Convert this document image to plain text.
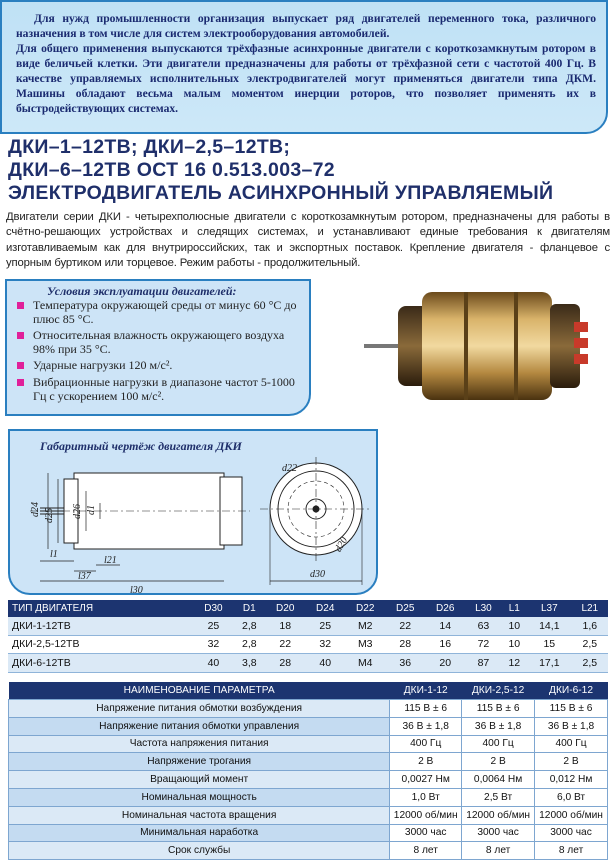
Для нужд промышленности организация выпускает ряд двигателей переменного тока, различного назначения в том числе для систем электрооборудования автомобилей.

Для общего применения выпускаются трёхфазные асинхронные двигатели с короткозамкнутым ротором в виде беличьей клетки. Эти двигатели предназначены для работы от трёхфазной сети с частотой 400 Гц. В качестве управляемых исполнительных электродвигателей могут применяться двигатели типа ДКМ. Машины обладают весьма малым моментом инерции роторов, что позволяет применять их в быстродействующих системах.

ДКИ–1–12ТВ; ДКИ–2,5–12ТВ;
ДКИ–6–12ТВ ОСТ 16 0.513.003–72
ЭЛЕКТРОДВИГАТЕЛЬ АСИНХРОННЫЙ УПРАВЛЯЕМЫЙ
Двигатели серии ДКИ - четырехполюсные двигатели с короткозамкнутым ротором, предназначены для работы в счётно-решающих устройствах и следящих системах, и устанавливают единые требования к двигателям изготавливаемым как для внутрироссийских, так и экспортных поставок. Крепление двигателя - фланцевое с упорным буртиком или торцевое. Режим работы - продолжительный.
Условия эксплуатации двигателей:
Температура окружающей среды от минус 60 °С до плюс 85 °С.
Относительная влажность окружающего воздуха 98% при 35 °С.
Ударные нагрузки 120 м/с².
Вибрационные нагрузки в диапазоне частот 5-1000 Гц с ускорением 100 м/с².
Габаритный чертёж двигателя ДКИ
d24 d25 d26 d1
l1
l37
l21
l30
d22
d30
d20
ТИП ДВИГАТЕЛЯ	D30	D1	D20	D24	D22	D25	D26	L30	L1	L37	L21
ДКИ-1-12ТВ	25	2,8	18	25	М2	22	14	63	10	14,1	1,6
ДКИ-2,5-12ТВ	32	2,8	22	32	М3	28	16	72	10	15	2,5
ДКИ-6-12ТВ	40	3,8	28	40	М4	36	20	87	12	17,1	2,5
НАИМЕНОВАНИЕ ПАРАМЕТРА	ДКИ-1-12	ДКИ-2,5-12	ДКИ-6-12
Напряжение питания обмотки возбуждения	115 В ± 6	115 В ± 6	115 В ± 6
Напряжение питания обмотки управления	36 В ± 1,8	36 В ± 1,8	36 В ± 1,8
Частота напряжения питания	400 Гц	400 Гц	400 Гц
Напряжение трогания	2 В	2 В	2 В
Вращающий момент	0,0027 Нм	0,0064 Нм	0,012 Нм
Номинальная мощность	1,0 Вт	2,5 Вт	6,0 Вт
Номинальная частота вращения	12000 об/мин	12000 об/мин	12000 об/мин
Минимальная наработка	3000 час	3000 час	3000 час
Срок службы	8 лет	8 лет	8 лет
